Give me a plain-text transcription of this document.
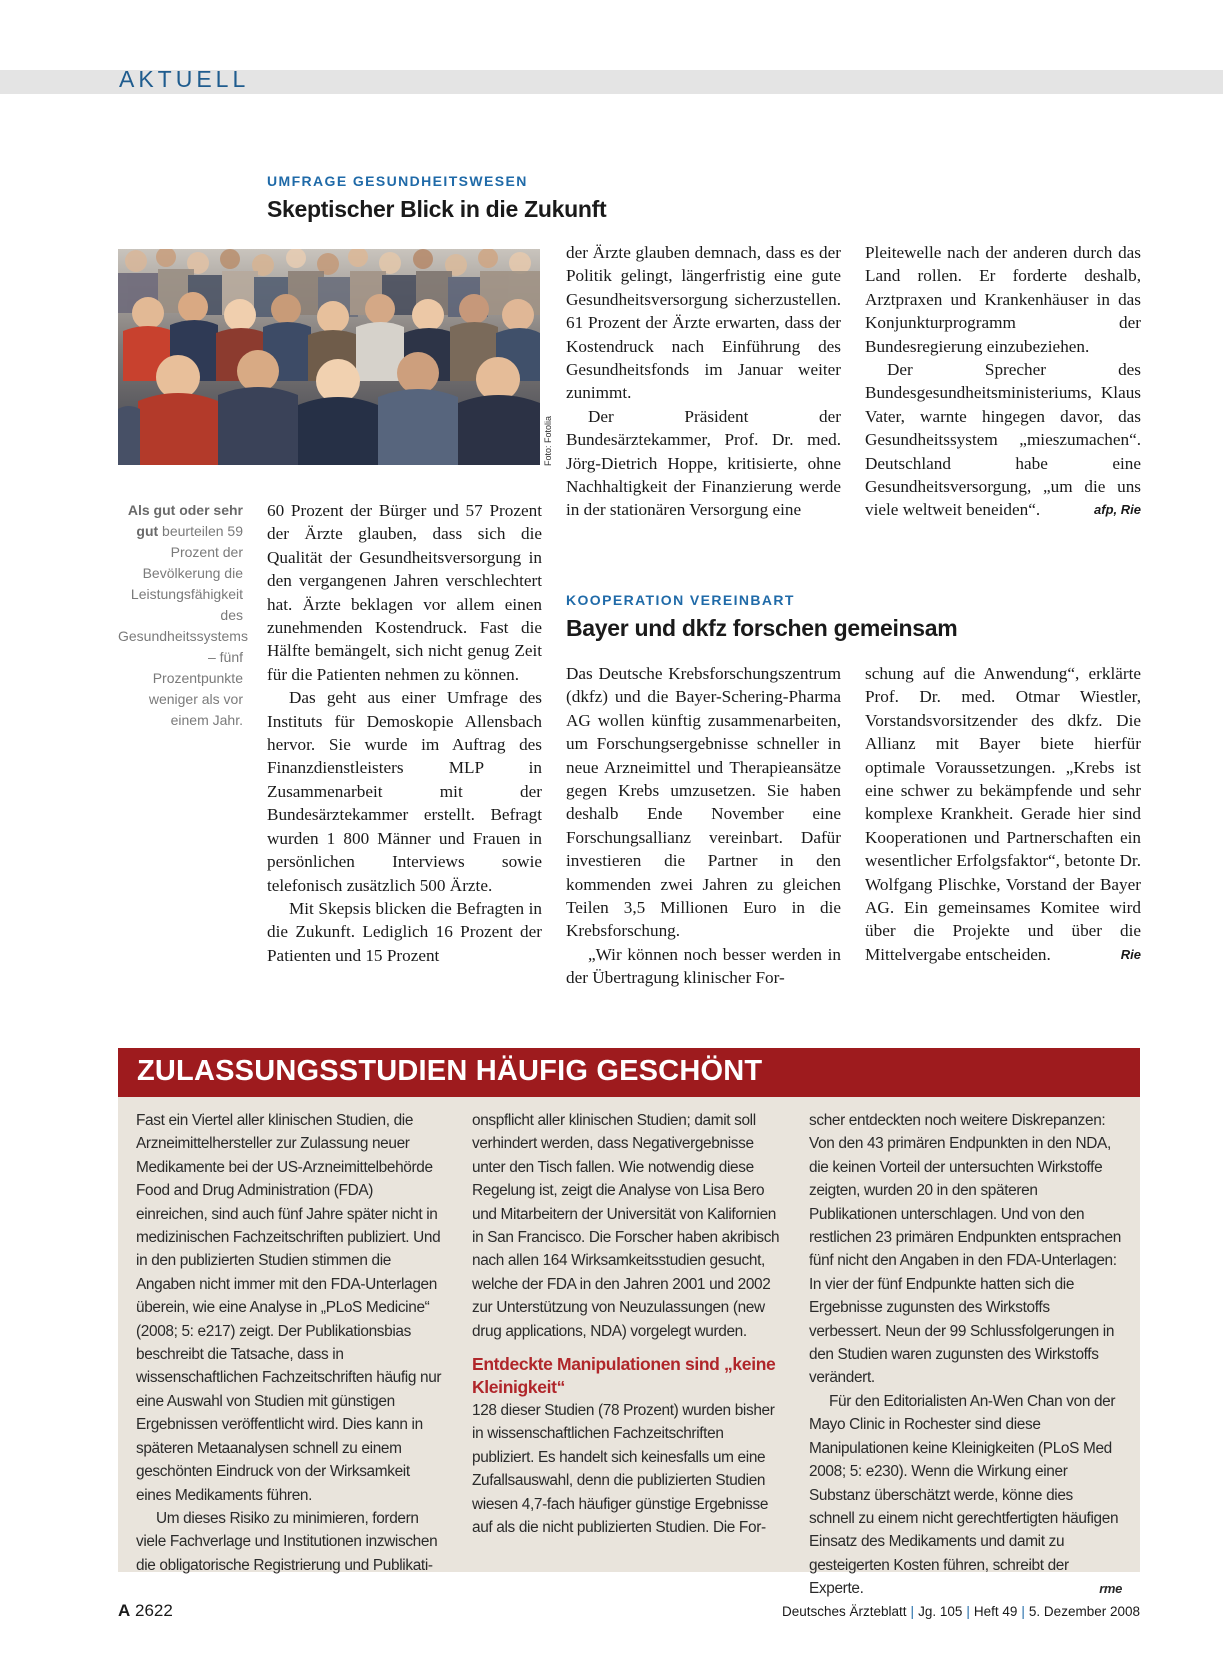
AKTUELL
UMFRAGE GESUNDHEITSWESEN
Skeptischer Blick in die Zukunft
Foto: Fotolia
Als gut oder sehr gut beurteilen 59 Prozent der Bevölkerung die Leistungsfähigkeit des Gesundheitssystems – fünf Prozentpunkte weniger als vor einem Jahr.

60 Prozent der Bürger und 57 Prozent der Ärzte glauben, dass sich die Qualität der Gesundheitsversorgung in den vergangenen Jahren verschlechtert hat. Ärzte beklagen vor allem einen zunehmenden Kostendruck. Fast die Hälfte bemängelt, sich nicht genug Zeit für die Patienten nehmen zu können.

Das geht aus einer Umfrage des Instituts für Demoskopie Allensbach hervor. Sie wurde im Auftrag des Finanzdienstleisters MLP in Zusammenarbeit mit der Bundesärztekammer erstellt. Befragt wurden 1 800 Männer und Frauen in persönlichen Interviews sowie telefonisch zusätzlich 500 Ärzte.

Mit Skepsis blicken die Befragten in die Zukunft. Lediglich 16 Prozent der Patienten und 15 Prozent

der Ärzte glauben demnach, dass es der Politik gelingt, längerfristig eine gute Gesundheitsversorgung sicherzustellen. 61 Prozent der Ärzte erwarten, dass der Kostendruck nach Einführung des Gesundheitsfonds im Januar weiter zunimmt.

Der Präsident der Bundesärztekammer, Prof. Dr. med. Jörg-Dietrich Hoppe, kritisierte, ohne Nachhaltigkeit der Finanzierung werde in der stationären Versorgung eine

Pleitewelle nach der anderen durch das Land rollen. Er forderte deshalb, Arztpraxen und Krankenhäuser in das Konjunkturprogramm der Bundesregierung einzubeziehen.

Der Sprecher des Bundesgesundheitsministeriums, Klaus Vater, warnte hingegen davor, das Gesundheitssystem „mieszumachen“. Deutschland habe eine Gesundheitsversorgung, „um die uns viele weltweit beneiden“.	afp, Rie

KOOPERATION VEREINBART
Bayer und dkfz forschen gemeinsam

Das Deutsche Krebsforschungszentrum (dkfz) und die Bayer-Schering-Pharma AG wollen künftig zusammenarbeiten, um Forschungsergebnisse schneller in neue Arzneimittel und Therapieansätze gegen Krebs umzusetzen. Sie haben deshalb Ende November eine Forschungsallianz vereinbart. Dafür investieren die Partner in den kommenden zwei Jahren zu gleichen Teilen 3,5 Millionen Euro in die Krebsforschung.

„Wir können noch besser werden in der Übertragung klinischer For-

schung auf die Anwendung“, erklärte Prof. Dr. med. Otmar Wiestler, Vorstandsvorsitzender des dkfz. Die Allianz mit Bayer biete hierfür optimale Voraussetzungen. „Krebs ist eine schwer zu bekämpfende und sehr komplexe Krankheit. Gerade hier sind Kooperationen und Partnerschaften ein wesentlicher Erfolgsfaktor“, betonte Dr. Wolfgang Plischke, Vorstand der Bayer AG. Ein gemeinsames Komitee wird über die Projekte und über die Mittelvergabe entscheiden.	Rie

ZULASSUNGSSTUDIEN HÄUFIG GESCHÖNT

Fast ein Viertel aller klinischen Studien, die Arzneimittelhersteller zur Zulassung neuer Medikamente bei der US-Arzneimittelbehörde Food and Drug Administration (FDA) einreichen, sind auch fünf Jahre später nicht in medizinischen Fachzeitschriften publiziert. Und in den publizierten Studien stimmen die Angaben nicht immer mit den FDA-Unterlagen überein, wie eine Analyse in „PLoS Medicine“ (2008; 5: e217) zeigt. Der Publikationsbias beschreibt die Tatsache, dass in wissenschaftlichen Fachzeitschriften häufig nur eine Auswahl von Studien mit günstigen Ergebnissen veröffentlicht wird. Dies kann in späteren Metaanalysen schnell zu einem geschönten Eindruck von der Wirksamkeit eines Medikaments führen.

Um dieses Risiko zu minimieren, fordern viele Fachverlage und Institutionen inzwischen die obligatorische Registrierung und Publikati-

onspflicht aller klinischen Studien; damit soll verhindert werden, dass Negativergebnisse unter den Tisch fallen. Wie notwendig diese Regelung ist, zeigt die Analyse von Lisa Bero und Mitarbeitern der Universität von Kalifornien in San Francisco. Die Forscher haben akribisch nach allen 164 Wirksamkeitsstudien gesucht, welche der FDA in den Jahren 2001 und 2002 zur Unterstützung von Neuzulassungen (new drug applications, NDA) vorgelegt wurden.

Entdeckte Manipulationen sind „keine Kleinigkeit“

128 dieser Studien (78 Prozent) wurden bisher in wissenschaftlichen Fachzeitschriften publiziert. Es handelt sich keinesfalls um eine Zufallsauswahl, denn die publizierten Studien wiesen 4,7-fach häufiger günstige Ergebnisse auf als die nicht publizierten Studien. Die For-

scher entdeckten noch weitere Diskrepanzen: Von den 43 primären Endpunkten in den NDA, die keinen Vorteil der untersuchten Wirkstoffe zeigten, wurden 20 in den späteren Publikationen unterschlagen. Und von den restlichen 23 primären Endpunkten entsprachen fünf nicht den Angaben in den FDA-Unterlagen: In vier der fünf Endpunkte hatten sich die Ergebnisse zugunsten des Wirkstoffs verbessert. Neun der 99 Schlussfolgerungen in den Studien waren zugunsten des Wirkstoffs verändert.

Für den Editorialisten An-Wen Chan von der Mayo Clinic in Rochester sind diese Manipulationen keine Kleinigkeiten (PLoS Med 2008; 5: e230). Wenn die Wirkung einer Substanz überschätzt werde, könne dies schnell zu einem nicht gerechtfertigten häufigen Einsatz des Medikaments und damit zu gesteigerten Kosten führen, schreibt der Experte.	rme

A 2622	Deutsches Ärzteblatt | Jg. 105 | Heft 49 | 5. Dezember 2008
